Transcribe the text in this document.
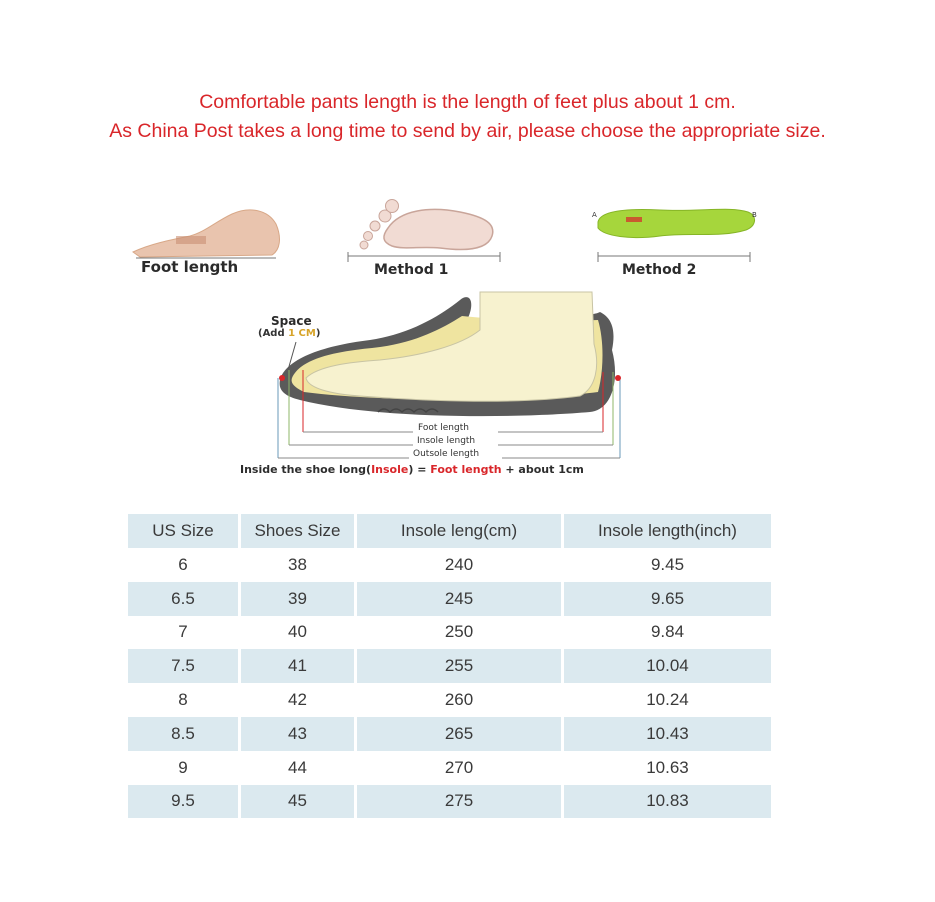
Comfortable pants length is the length of feet plus about 1 cm.
As China Post takes a long time to send by air, please choose the appropriate size.
Foot length	Method 1	Method 2
A	B
Space
(Add 1 CM)
Foot length
Insole length
Outsole length
Inside the shoe long(Insole) = Foot length + about 1cm
US Size	Shoes Size	Insole leng(cm)	Insole length(inch)
6	38	240	9.45
6.5	39	245	9.65
7	40	250	9.84
7.5	41	255	10.04
8	42	260	10.24
8.5	43	265	10.43
9	44	270	10.63
9.5	45	275	10.83
